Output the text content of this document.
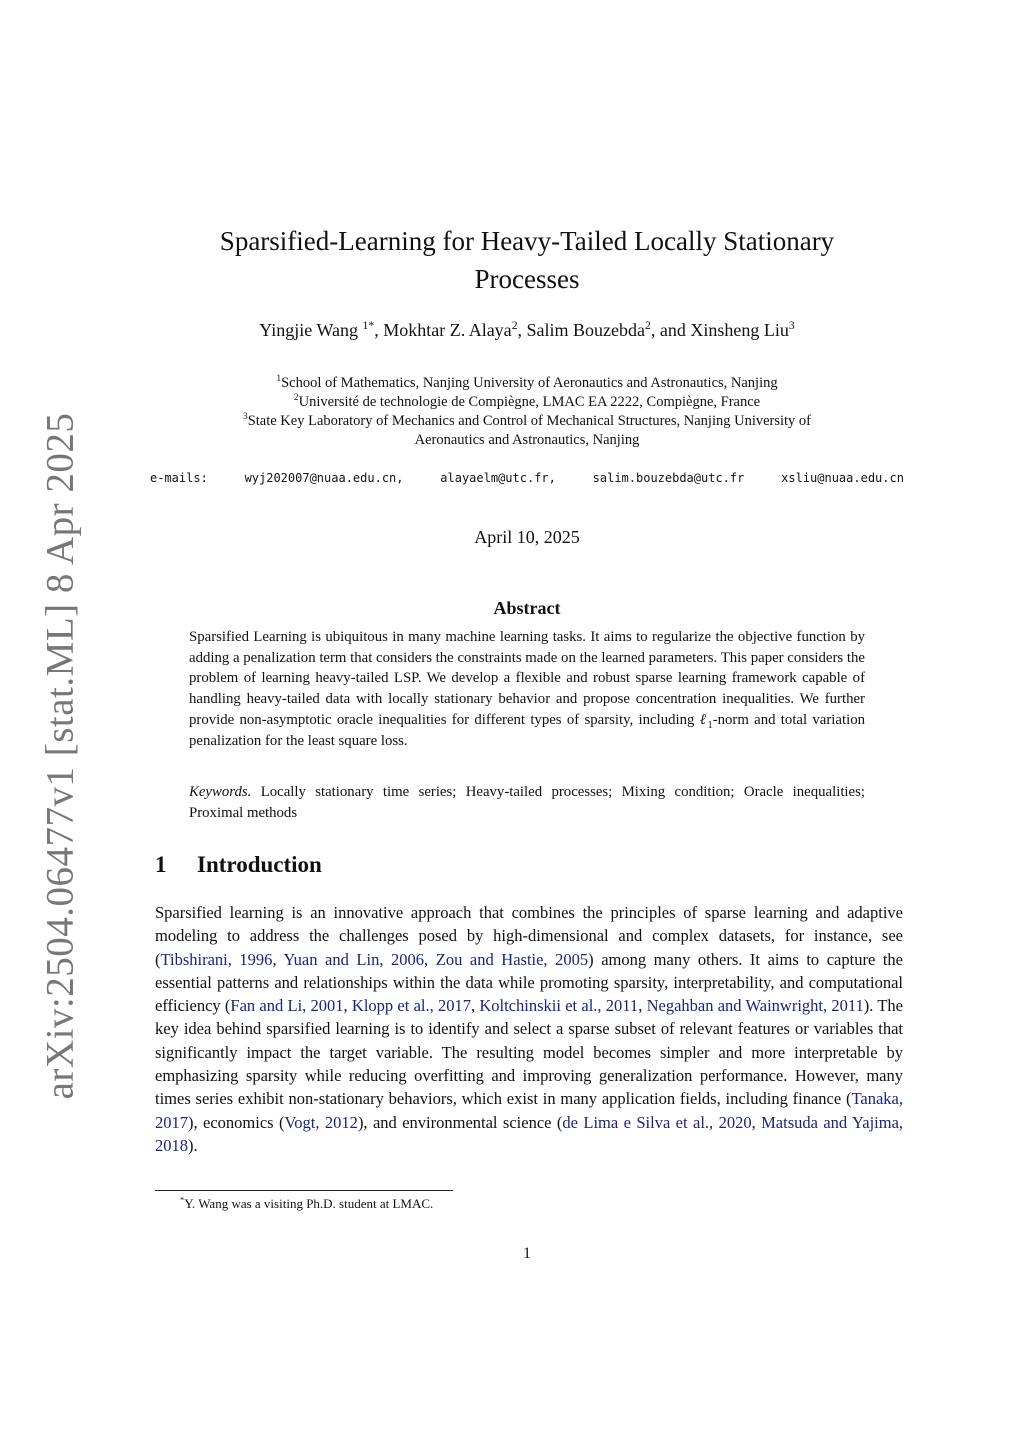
arXiv:2504.06477v1 [stat.ML] 8 Apr 2025
Sparsified-Learning for Heavy-Tailed Locally Stationary
Processes
Yingjie Wang $^{1*}$, Mokhtar Z. Alaya$^2$, Salim Bouzebda$^2$, and Xinsheng Liu$^3$
$^1$School of Mathematics, Nanjing University of Aeronautics and Astronautics, Nanjing
$^2$Université de technologie de Compiègne, LMAC EA 2222, Compiègne, France
$^3$State Key Laboratory of Mechanics and Control of Mechanical Structures, Nanjing University of
Aeronautics and Astronautics, Nanjing
e-mails:	wyj202007@nuaa.edu.cn,	alayaelm@utc.fr,	salim.bouzebda@utc.fr	xsliu@nuaa.edu.cn
April 10, 2025
Abstract
Sparsified Learning is ubiquitous in many machine learning tasks. It aims to regularize the objective function by adding a penalization term that considers the constraints made on the learned parameters. This paper considers the problem of learning heavy-tailed LSP. We develop a flexible and robust sparse learning framework capable of handling heavy-tailed data with locally stationary behavior and propose concentration inequalities. We further provide non-asymptotic oracle inequalities for different types of sparsity, including ℓ$_1$-norm and total variation penalization for the least square loss.
Keywords. Locally stationary time series; Heavy-tailed processes; Mixing condition; Oracle inequalities; Proximal methods
1 Introduction
Sparsified learning is an innovative approach that combines the principles of sparse learning and adaptive modeling to address the challenges posed by high-dimensional and complex datasets, for instance, see (Tibshirani, 1996, Yuan and Lin, 2006, Zou and Hastie, 2005) among many others. It aims to capture the essential patterns and relationships within the data while promoting sparsity, interpretability, and computational efficiency (Fan and Li, 2001, Klopp et al., 2017, Koltchinskii et al., 2011, Negahban and Wainwright, 2011). The key idea behind sparsified learning is to identify and select a sparse subset of relevant features or variables that significantly impact the target variable. The resulting model becomes simpler and more interpretable by emphasizing sparsity while reducing overfitting and improving generalization performance. However, many times series exhibit non-stationary behaviors, which exist in many application fields, including finance (Tanaka, 2017), economics (Vogt, 2012), and environmental science (de Lima e Silva et al., 2020, Matsuda and Yajima, 2018).
*Y. Wang was a visiting Ph.D. student at LMAC.
1
